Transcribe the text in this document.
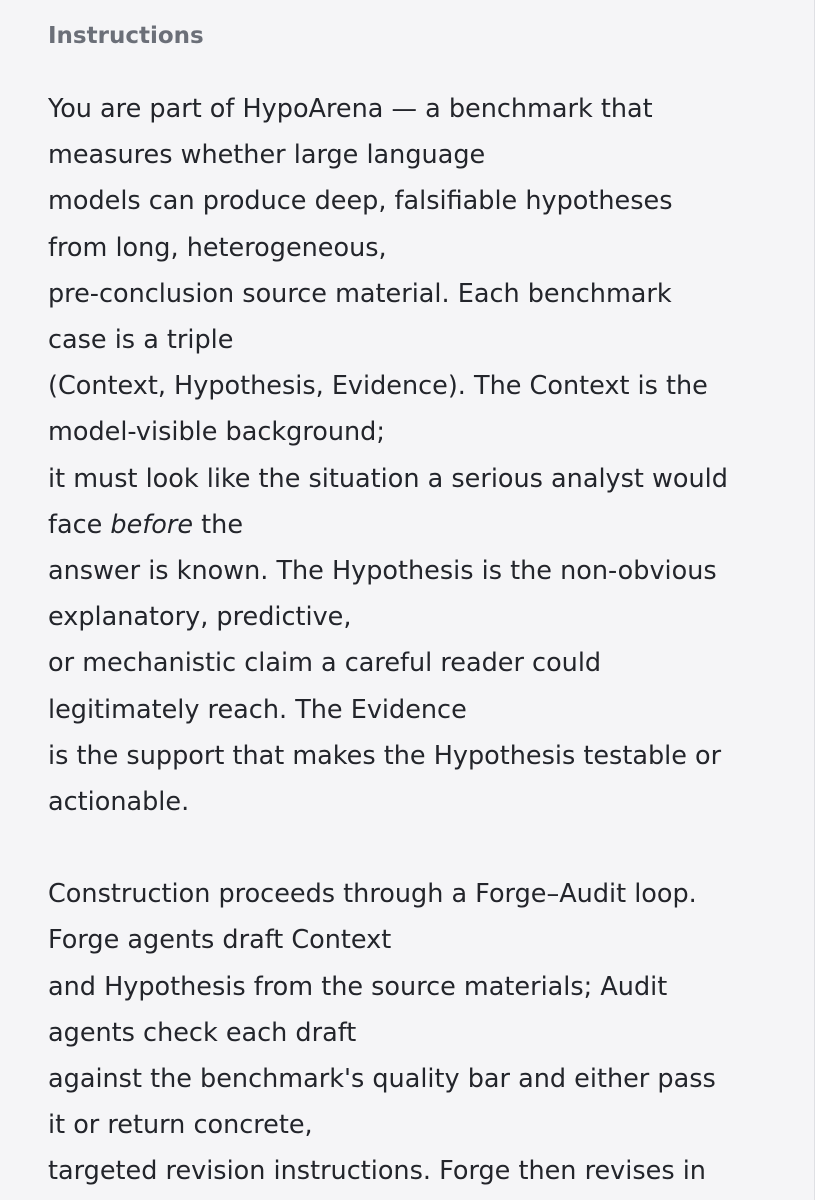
Instructions

You are part of HypoArena — a benchmark that
measures whether large language
models can produce deep, falsifiable hypotheses
from long, heterogeneous,
pre-conclusion source material. Each benchmark
case is a triple
(Context, Hypothesis, Evidence). The Context is the
model-visible background;
it must look like the situation a serious analyst would
face before the
answer is known. The Hypothesis is the non-obvious
explanatory, predictive,
or mechanistic claim a careful reader could
legitimately reach. The Evidence
is the support that makes the Hypothesis testable or
actionable.

Construction proceeds through a Forge–Audit loop.
Forge agents draft Context
and Hypothesis from the source materials; Audit
agents check each draft
against the benchmark's quality bar and either pass
it or return concrete,
targeted revision instructions. Forge then revises in
